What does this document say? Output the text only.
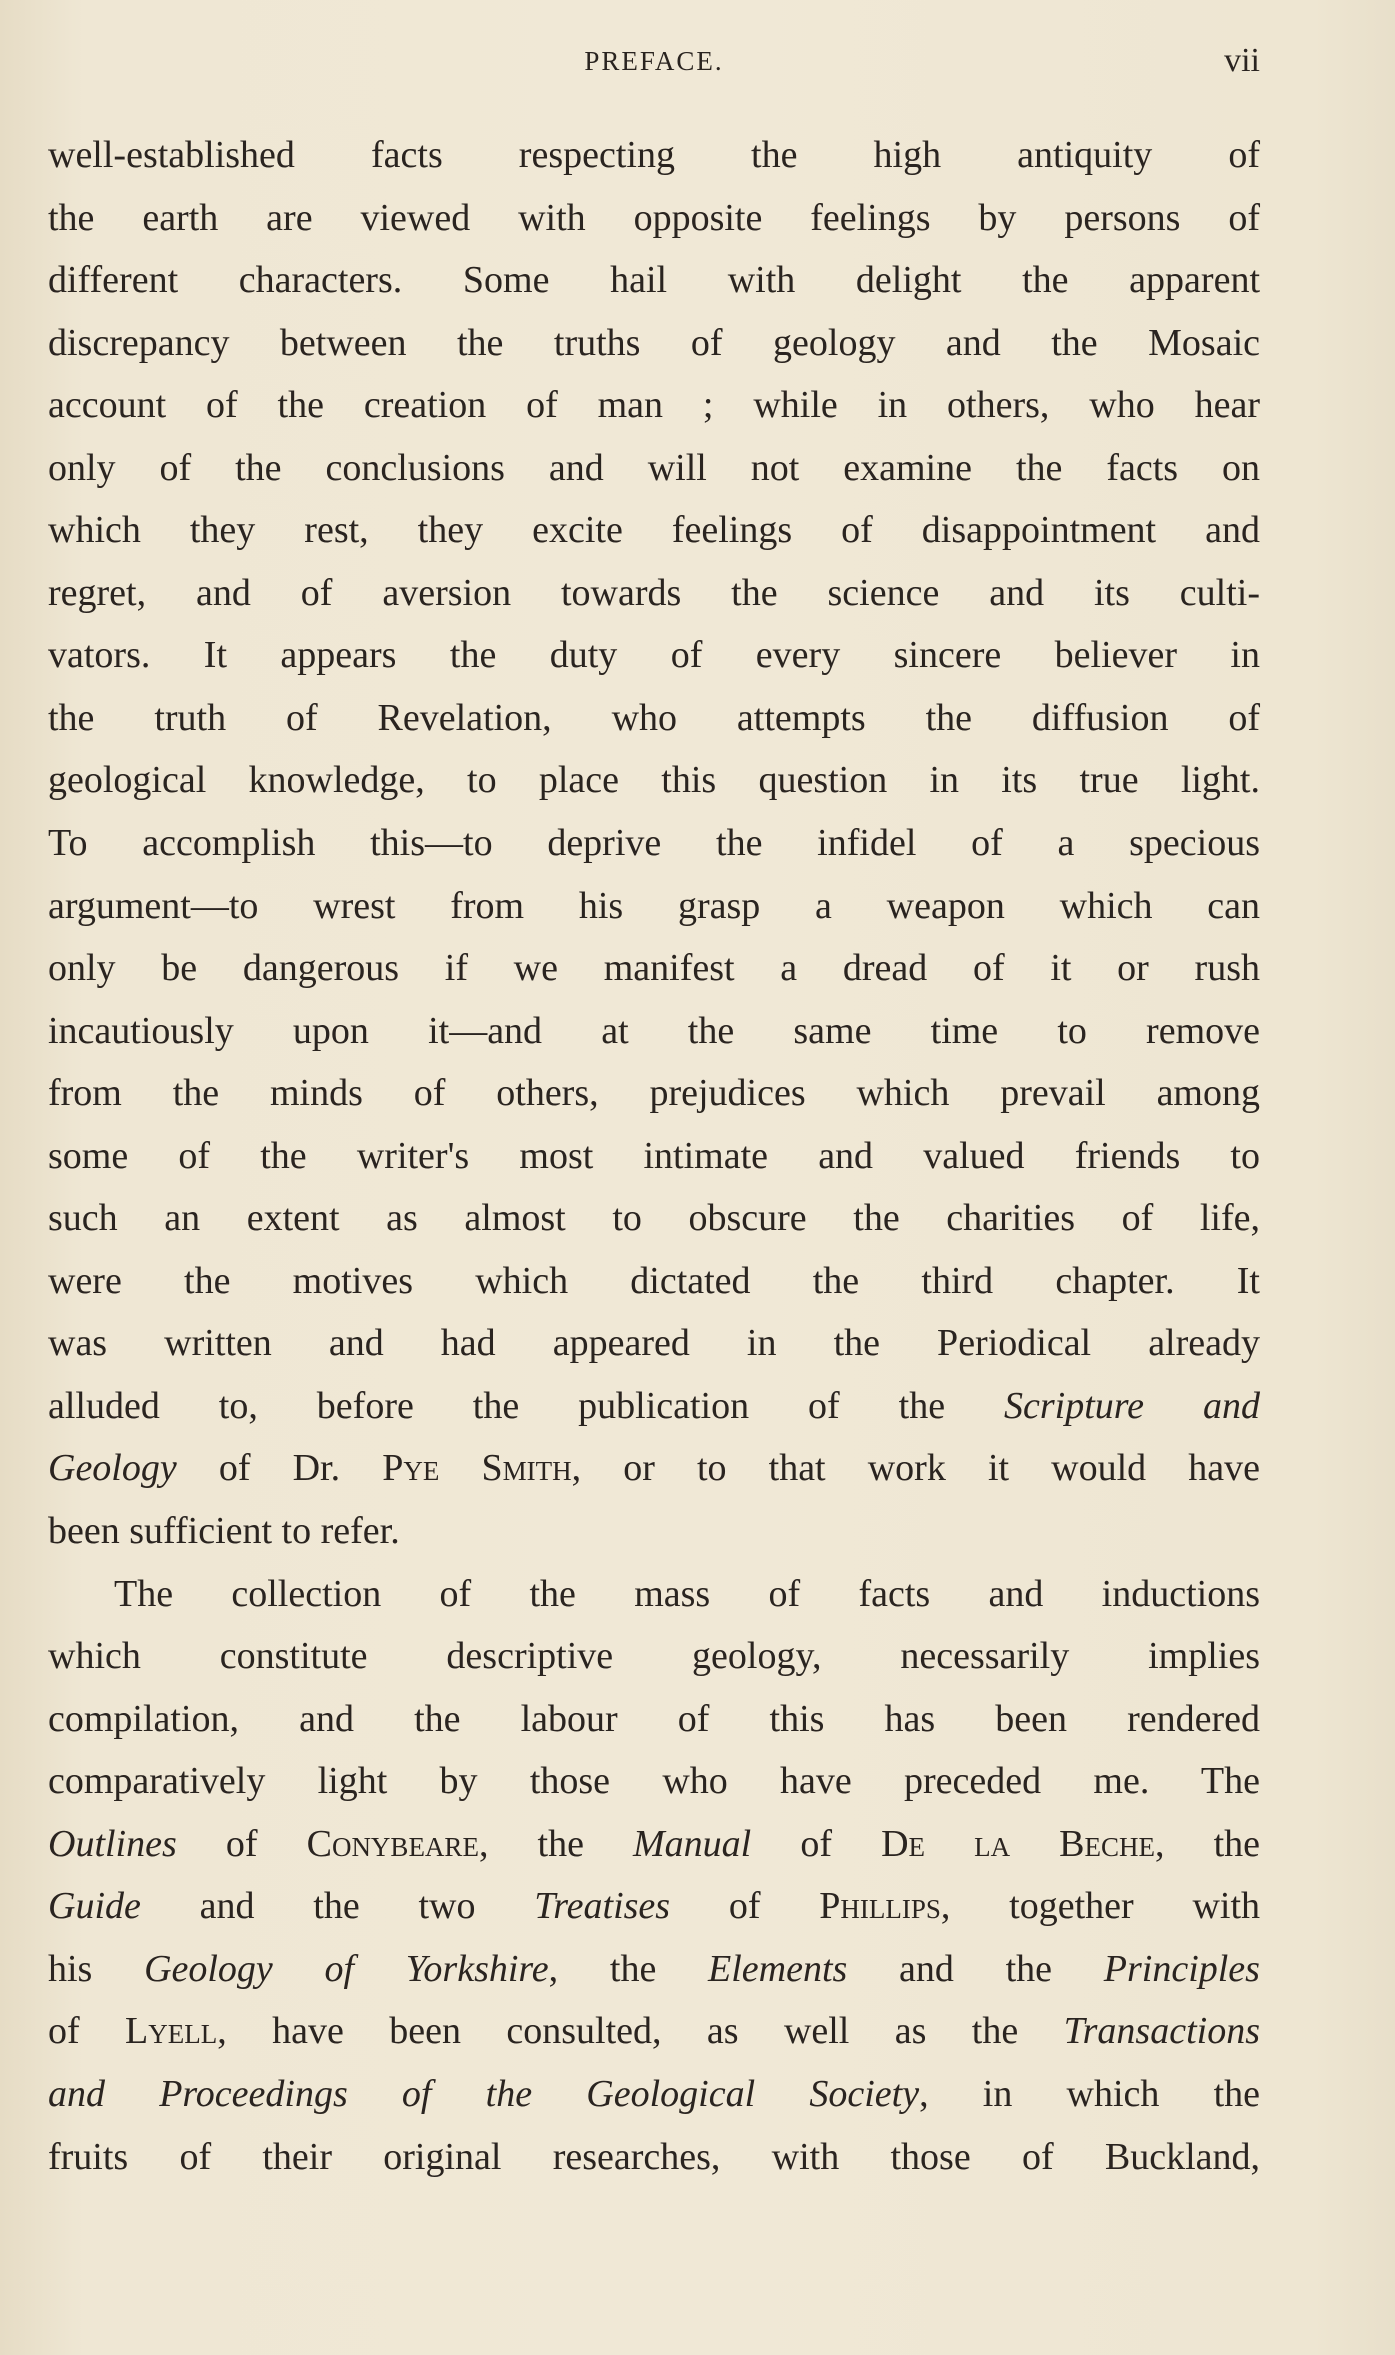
PREFACE.	vii
well-established facts respecting the high antiquity of
the earth are viewed with opposite feelings by persons of
different characters. Some hail with delight the apparent
discrepancy between the truths of geology and the Mosaic
account of the creation of man ; while in others, who hear
only of the conclusions and will not examine the facts on
which they rest, they excite feelings of disappointment and
regret, and of aversion towards the science and its culti-
vators. It appears the duty of every sincere believer in
the truth of Revelation, who attempts the diffusion of
geological knowledge, to place this question in its true light.
To accomplish this—to deprive the infidel of a specious
argument—to wrest from his grasp a weapon which can
only be dangerous if we manifest a dread of it or rush
incautiously upon it—and at the same time to remove
from the minds of others, prejudices which prevail among
some of the writer's most intimate and valued friends to
such an extent as almost to obscure the charities of life,
were the motives which dictated the third chapter. It
was written and had appeared in the Periodical already
alluded to, before the publication of the Scripture and
Geology of Dr. Pye Smith, or to that work it would have
been sufficient to refer.
The collection of the mass of facts and inductions
which constitute descriptive geology, necessarily implies
compilation, and the labour of this has been rendered
comparatively light by those who have preceded me. The
Outlines of Conybeare, the Manual of De la Beche, the
Guide and the two Treatises of Phillips, together with
his Geology of Yorkshire, the Elements and the Principles
of Lyell, have been consulted, as well as the Transactions
and Proceedings of the Geological Society, in which the
fruits of their original researches, with those of Buckland,
